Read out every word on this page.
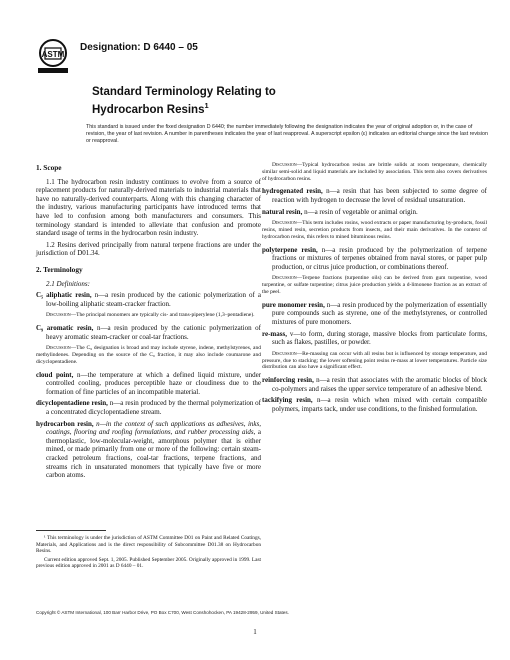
ASTM
Designation: D 6440 – 05
Standard Terminology Relating to
Hydrocarbon Resins$^1$
This standard is issued under the fixed designation D 6440; the number immediately following the designation indicates the year of original adoption or, in the case of revision, the year of last revision. A number in parentheses indicates the year of last reapproval. A superscript epsilon (ε) indicates an editorial change since the last revision or reapproval.
1. Scope

1.1 The hydrocarbon resin industry continues to evolve from a source of replacement products for naturally-derived materials to industrial materials that have no naturally-derived counterparts. Along with this changing character of the industry, various manufacturing participants have introduced terms that have led to confusion among both manufacturers and consumers. This terminology standard is intended to alleviate that confusion and promote standard usage of terms in the hydrocarbon resin industry.

1.2 Resins derived principally from natural terpene fractions are under the jurisdiction of D01.34.

2. Terminology

2.1 Definitions:

C₅ aliphatic resin, n—a resin produced by the cationic polymerization of a low-boiling aliphatic steam-cracker fraction.

Discussion—The principal monomers are typically cis- and trans-piperylene (1,3–pentadiene).

C₉ aromatic resin, n—a resin produced by the cationic polymerization of heavy aromatic steam-cracker or coal-tar fractions.

Discussion—The C₉ designation is broad and may include styrene, indene, methylstyrenes, and methylindenes. Depending on the source of the C₉ fraction, it may also include coumarone and dicyclopentadiene.

cloud point, n—the temperature at which a defined liquid mixture, under controlled cooling, produces perceptible haze or cloudiness due to the formation of fine particles of an incompatible material.

dicyclopentadiene resin, n—a resin produced by the thermal polymerization of a concentrated dicyclopentadiene stream.

hydrocarbon resin, n—in the context of such applications as adhesives, inks, coatings, flooring and roofing formulations, and rubber processing aids, a thermoplastic, low-molecular-weight, amorphous polymer that is either mined, or made primarily from one or more of the following: certain steam-cracked petroleum fractions, coal-tar fractions, terpene fractions, and streams rich in unsaturated monomers that typically have five or more carbon atoms.

Discussion—Typical hydrocarbon resins are brittle solids at room temperature, chemically similar semi-solid and liquid materials are included by association. This term also covers derivatives of hydrocarbon resins.

hydrogenated resin, n—a resin that has been subjected to some degree of reaction with hydrogen to decrease the level of residual unsaturation.

natural resin, n—a resin of vegetable or animal origin.

Discussion—This term includes rosins, wood extracts or paper manufacturing by-products, fossil resins, mined resin, secretion products from insects, and their main derivatives. In the context of hydrocarbon resins, this refers to mined bituminous resins.

polyterpene resin, n—a resin produced by the polymerization of terpene fractions or mixtures of terpenes obtained from naval stores, or paper pulp production, or citrus juice production, or combinations thereof.

Discussion—Terpene fractions (turpentine oils) can be derived from gum turpentine, wood turpentine, or sulfate turpentine; citrus juice production yields a d-limonene fraction as an extract of the peel.

pure monomer resin, n—a resin produced by the polymerization of essentially pure compounds such as styrene, one of the methylstyrenes, or controlled mixtures of pure monomers.

re-mass, v—to form, during storage, massive blocks from particulate forms, such as flakes, pastilles, or powder.

Discussion—Re-massing can occur with all resins but is influenced by storage temperature, and pressure, due to stacking; the lower softening point resins re-mass at lower temperatures. Particle size distribution can also have a significant effect.

reinforcing resin, n—a resin that associates with the aromatic blocks of block co-polymers and raises the upper service temperature of an adhesive blend.

tackifying resin, n—a resin which when mixed with certain compatible polymers, imparts tack, under use conditions, to the finished formulation.

¹ This terminology is under the jurisdiction of ASTM Committee D01 on Paint and Related Coatings, Materials, and Applications and is the direct responsibility of Subcommittee D01.38 on Hydrocarbon Resins.

Current edition approved Sept. 1, 2005. Published September 2005. Originally approved in 1999. Last previous edition approved in 2001 as D 6440 – 01.

Copyright © ASTM International, 100 Barr Harbor Drive, PO Box C700, West Conshohocken, PA 19428-2959, United States.
1
